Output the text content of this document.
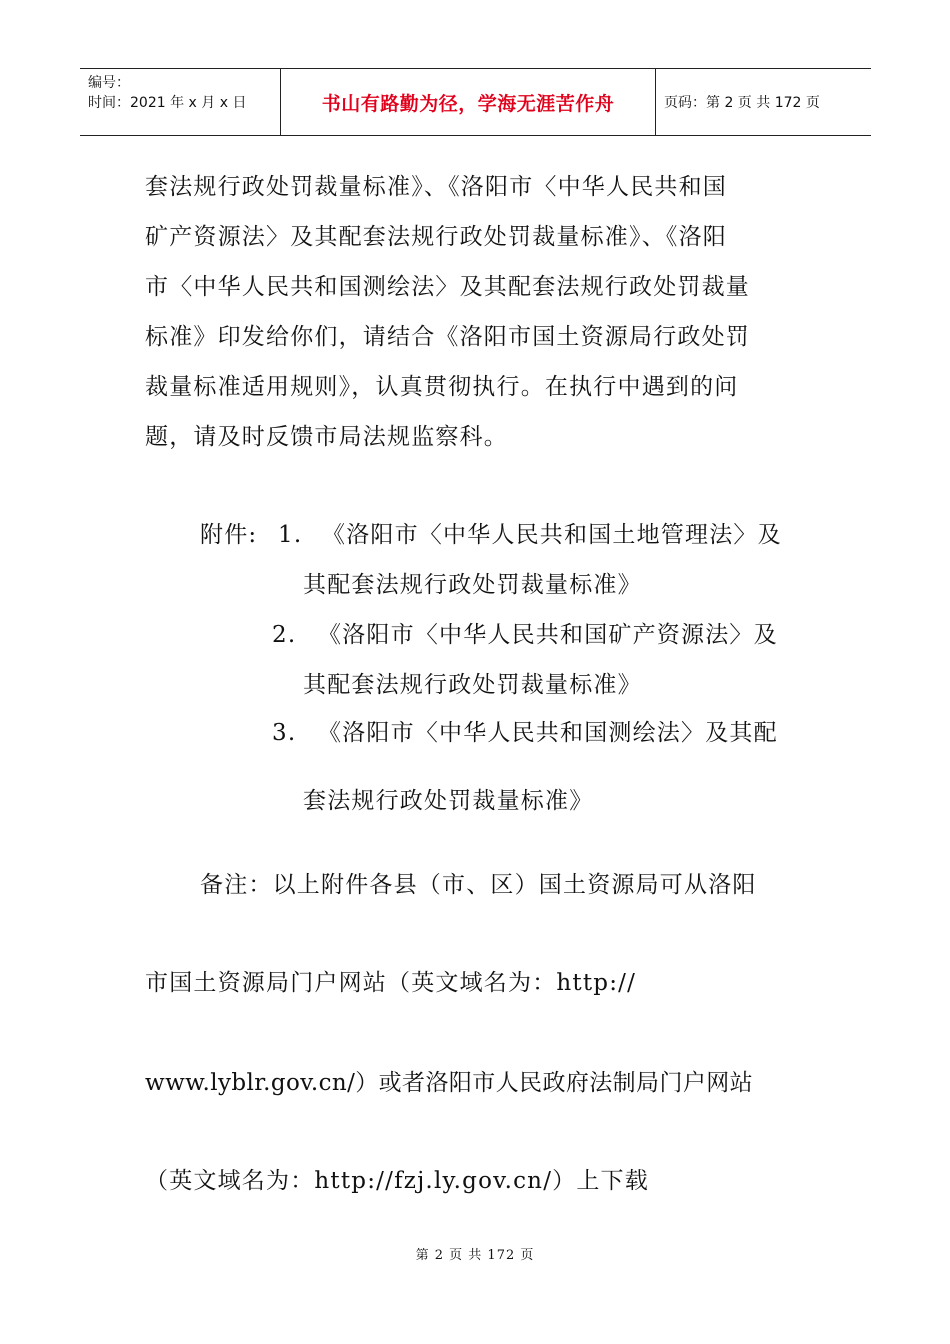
编号：
时间：2021 年 x 月 x 日	书山有路勤为径，学海无涯苦作舟	页码：第 2 页 共 172 页
套法规行政处罚裁量标准》、《洛阳市〈中华人民共和国
矿产资源法〉及其配套法规行政处罚裁量标准》、《洛阳
市〈中华人民共和国测绘法〉及其配套法规行政处罚裁量
标准》印发给你们，请结合《洛阳市国土资源局行政处罚
裁量标准适用规则》，认真贯彻执行。在执行中遇到的问
题，请及时反馈市局法规监察科。
附件: 1. 《洛阳市〈中华人民共和国土地管理法〉及
其配套法规行政处罚裁量标准》
2. 《洛阳市〈中华人民共和国矿产资源法〉及
其配套法规行政处罚裁量标准》
3. 《洛阳市〈中华人民共和国测绘法〉及其配
套法规行政处罚裁量标准》
备注：以上附件各县（市、区）国土资源局可从洛阳
市国土资源局门户网站（英文域名为：http://
www.lyblr.gov.cn/）或者洛阳市人民政府法制局门户网站
（英文域名为：http://fzj.ly.gov.cn/）上下载
第 2 页 共 172 页
